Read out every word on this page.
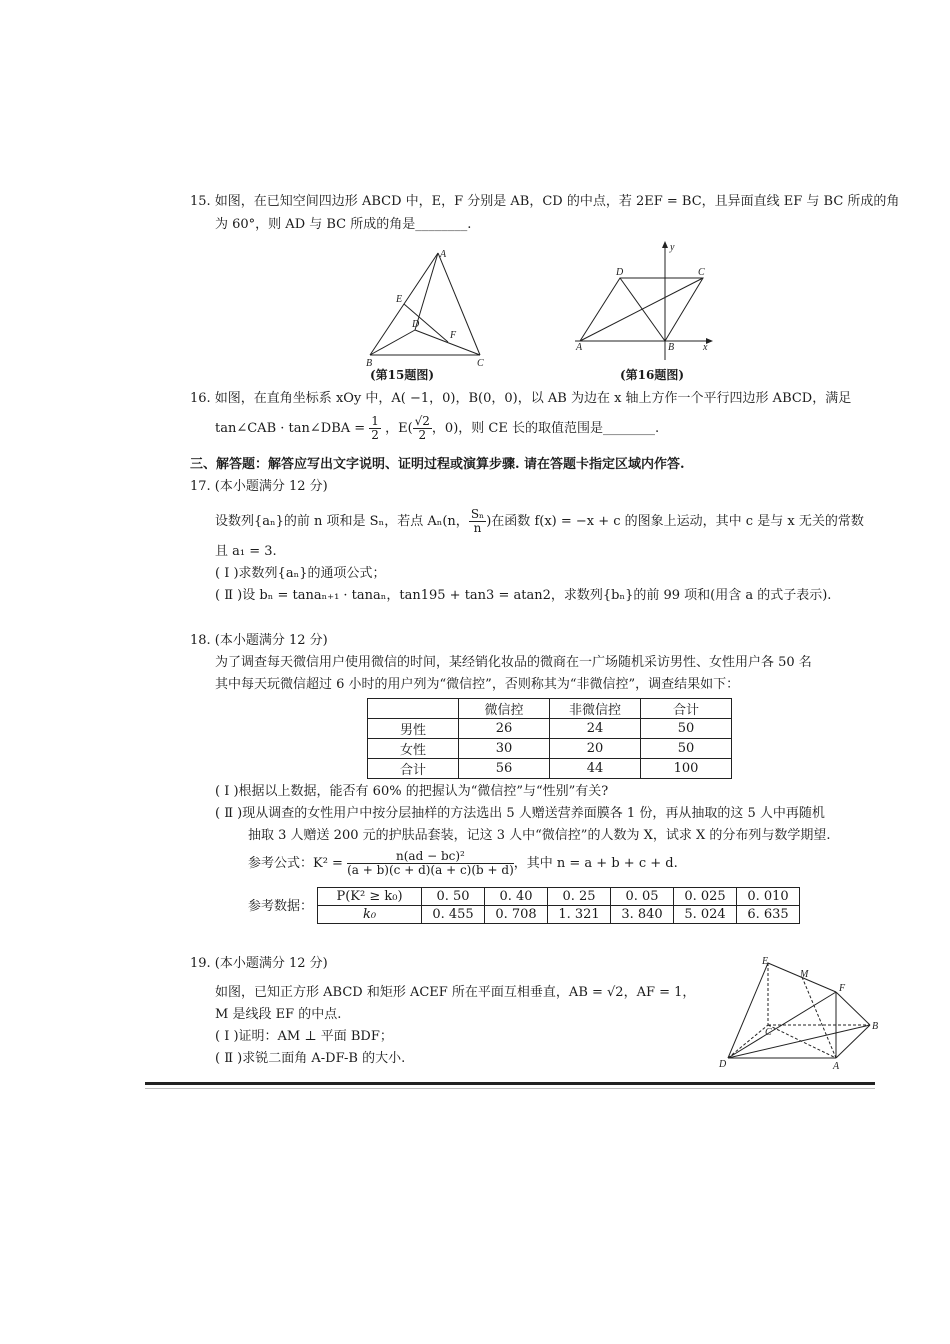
15. 如图，在已知空间四边形 ABCD 中，E，F 分别是 AB，CD 的中点，若 2EF = BC，且异面直线 EF 与 BC 所成的角
为 60°，则 AD 与 BC 所成的角是________.
A
E
D
F
B	C
(第15题图)
y
x
A	B
C
D
(第16题图)
16. 如图，在直角坐标系 xOy 中，A( −1，0)，B(0，0)，以 AB 为边在 x 轴上方作一个平行四边形 ABCD，满足
tan∠CAB · tan∠DBA = $\frac{1}{2}$ ，$E( \frac{√2}{2}$ ，0)，则 CE 长的取值范围是________.
三、解答题：解答应写出文字说明、证明过程或演算步骤. 请在答题卡指定区域内作答.
17. (本小题满分 12 分)
设数列{aₙ}的前 n 项和是 Sₙ，若点 Aₙ(n， $\frac{\text{Sₙ}}{n}$ )在函数 f(x) = −x + c 的图象上运动，其中 c 是与 x 无关的常数
且 a₁ = 3.
( Ⅰ )求数列{aₙ}的通项公式；
( Ⅱ )设 bₙ = tanaₙ₊₁ · tanaₙ，tan195 + tan3 = atan2，求数列{bₙ}的前 99 项和(用含 a 的式子表示).
18. (本小题满分 12 分)
为了调查每天微信用户使用微信的时间，某经销化妆品的微商在一广场随机采访男性、女性用户各 50 名
其中每天玩微信超过 6 小时的用户列为“微信控”，否则称其为“非微信控”，调查结果如下：
	微信控	非微信控	合计
男性	26	24	50
女性	30	20	50
合计	56	44	100
( Ⅰ )根据以上数据，能否有 60% 的把握认为“微信控”与“性别”有关?
( Ⅱ )现从调查的女性用户中按分层抽样的方法选出 5 人赠送营养面膜各 1 份，再从抽取的这 5 人中再随机
抽取 3 人赠送 200 元的护肤品套装，记这 3 人中“微信控”的人数为 X，试求 X 的分布列与数学期望.
参考公式：$K^2 = \frac{\text{n(ad − bc)²}}{(a + b)(c + d)(a + c)(b + d)}$ ，其中 n = a + b + c + d.
参考数据：
P(K² ≥ k₀)	0. 50	0. 40	0. 25	0. 05	0. 025	0. 010
k₀	0. 455	0. 708	1. 321	3. 840	5. 024	6. 635
19. (本小题满分 12 分)
如图，已知正方形 ABCD 和矩形 ACEF 所在平面互相垂直，AB = √2，AF = 1，
M 是线段 EF 的中点.
( Ⅰ )证明：AM ⊥ 平面 BDF；
( Ⅱ )求锐二面角 A-DF-B 的大小.
E
M
F
C
D	A
B
